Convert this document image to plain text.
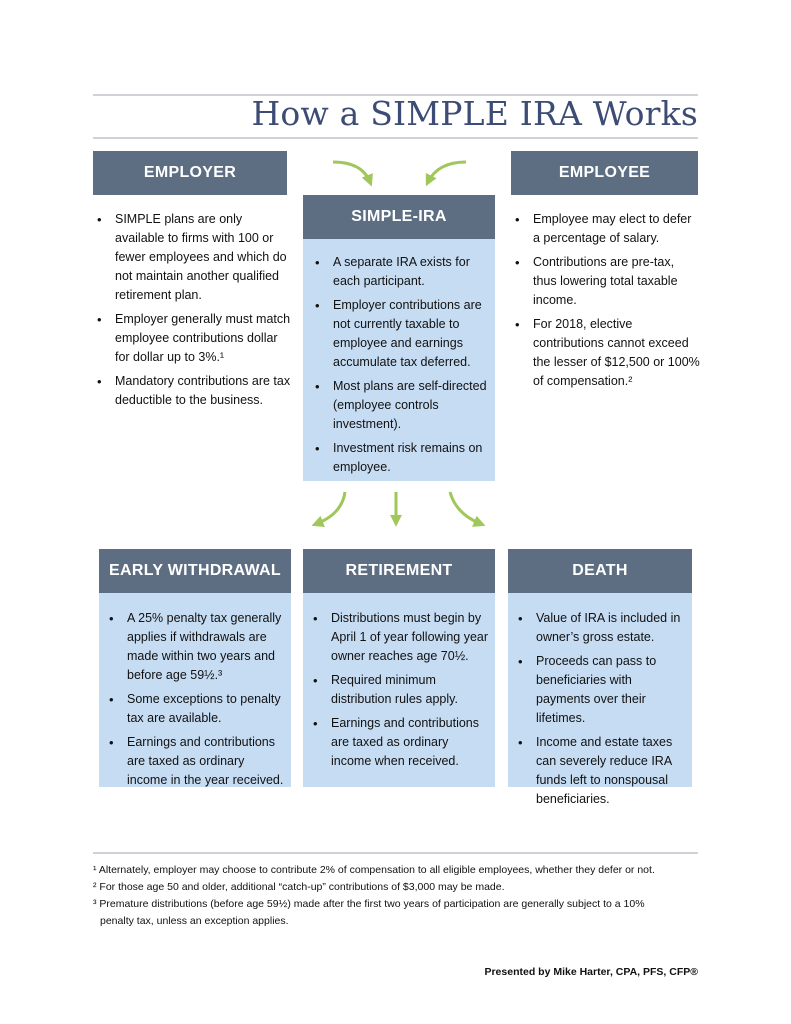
How a SIMPLE IRA Works
EMPLOYER
• SIMPLE plans are only available to firms with 100 or fewer employees and which do not maintain another qualified retirement plan.
• Employer generally must match employee contributions dollar for dollar up to 3%.¹
• Mandatory contributions are tax deductible to the business.
• A separate IRA exists for each participant.
• Employer contributions are not currently taxable to employee and earnings accumulate tax deferred.
• Most plans are self-directed (employee controls investment).
• Investment risk remains on employee.
SIMPLE-IRA
EMPLOYEE
• Employee may elect to defer a percentage of salary.
• Contributions are pre-tax, thus lowering total taxable income.
• For 2018, elective contributions cannot exceed the lesser of $12,500 or 100% of compensation.²
• A 25% penalty tax generally applies if withdrawals are made within two years and before age 59½.³
• Some exceptions to penalty tax are available.
• Earnings and contributions are taxed as ordinary income in the year received.
EARLY WITHDRAWAL
• Distributions must begin by April 1 of year following year owner reaches age 70½.
• Required minimum distribution rules apply.
• Earnings and contributions are taxed as ordinary income when received.
RETIREMENT
• Value of IRA is included in owner’s gross estate.
• Proceeds can pass to beneficiaries with payments over their lifetimes.
• Income and estate taxes can severely reduce IRA funds left to nonspousal beneficiaries.
DEATH

¹ Alternately, employer may choose to contribute 2% of compensation to all eligible employees, whether they defer or not.

² For those age 50 and older, additional “catch-up” contributions of $3,000 may be made.

³ Premature distributions (before age 59½) made after the first two years of participation are generally subject to a 10%

penalty tax, unless an exception applies.

Presented by Mike Harter, CPA, PFS, CFP®
